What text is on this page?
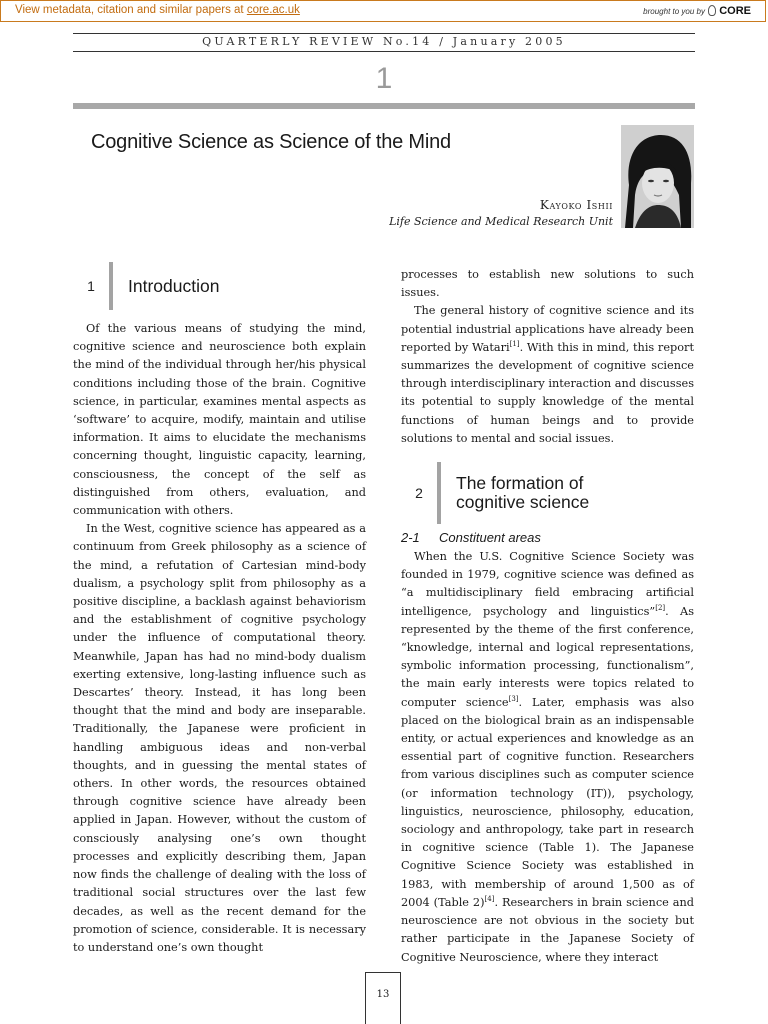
View metadata, citation and similar papers at core.ac.uk	brought to you by CORE
QUARTERLY REVIEW No.14 / January 2005
1
Cognitive Science as Science of the Mind
Kayoko Ishii
Life Science and Medical Research Unit
1	Introduction

Of the various means of studying the mind, cognitive science and neuroscience both explain the mind of the individual through her/his physical conditions including those of the brain. Cognitive science, in particular, examines mental aspects as ‘software’ to acquire, modify, maintain and utilise information. It aims to elucidate the mechanisms concerning thought, linguistic capacity, learning, consciousness, the concept of the self as distinguished from others, evaluation, and communication with others.

In the West, cognitive science has appeared as a continuum from Greek philosophy as a science of the mind, a refutation of Cartesian mind-body dualism, a psychology split from philosophy as a positive discipline, a backlash against behaviorism and the establishment of cognitive psychology under the influence of computational theory. Meanwhile, Japan has had no mind-body dualism exerting extensive, long-lasting influence such as Descartes’ theory. Instead, it has long been thought that the mind and body are inseparable. Traditionally, the Japanese were proficient in handling ambiguous ideas and non-verbal thoughts, and in guessing the mental states of others. In other words, the resources obtained through cognitive science have already been applied in Japan. However, without the custom of consciously analysing one’s own thought processes and explicitly describing them, Japan now finds the challenge of dealing with the loss of traditional social structures over the last few decades, as well as the recent demand for the promotion of science, considerable. It is necessary to understand one’s own thought

processes to establish new solutions to such issues.

The general history of cognitive science and its potential industrial applications have already been reported by Watari[1]. With this in mind, this report summarizes the development of cognitive science through interdisciplinary interaction and discusses its potential to supply knowledge of the mental functions of human beings and to provide solutions to mental and social issues.

2	The formation of
cognitive science
2-1 Constituent areas

When the U.S. Cognitive Science Society was founded in 1979, cognitive science was defined as “a multidisciplinary field embracing artificial intelligence, psychology and linguistics”[2]. As represented by the theme of the first conference, “knowledge, internal and logical representations, symbolic information processing, functionalism”, the main early interests were topics related to computer science[3]. Later, emphasis was also placed on the biological brain as an indispensable entity, or actual experiences and knowledge as an essential part of cognitive function. Researchers from various disciplines such as computer science (or information technology (IT)), psychology, linguistics, neuroscience, philosophy, education, sociology and anthropology, take part in research in cognitive science (Table 1). The Japanese Cognitive Science Society was established in 1983, with membership of around 1,500 as of 2004 (Table 2)[4]. Researchers in brain science and neuroscience are not obvious in the society but rather participate in the Japanese Society of Cognitive Neuroscience, where they interact

13
